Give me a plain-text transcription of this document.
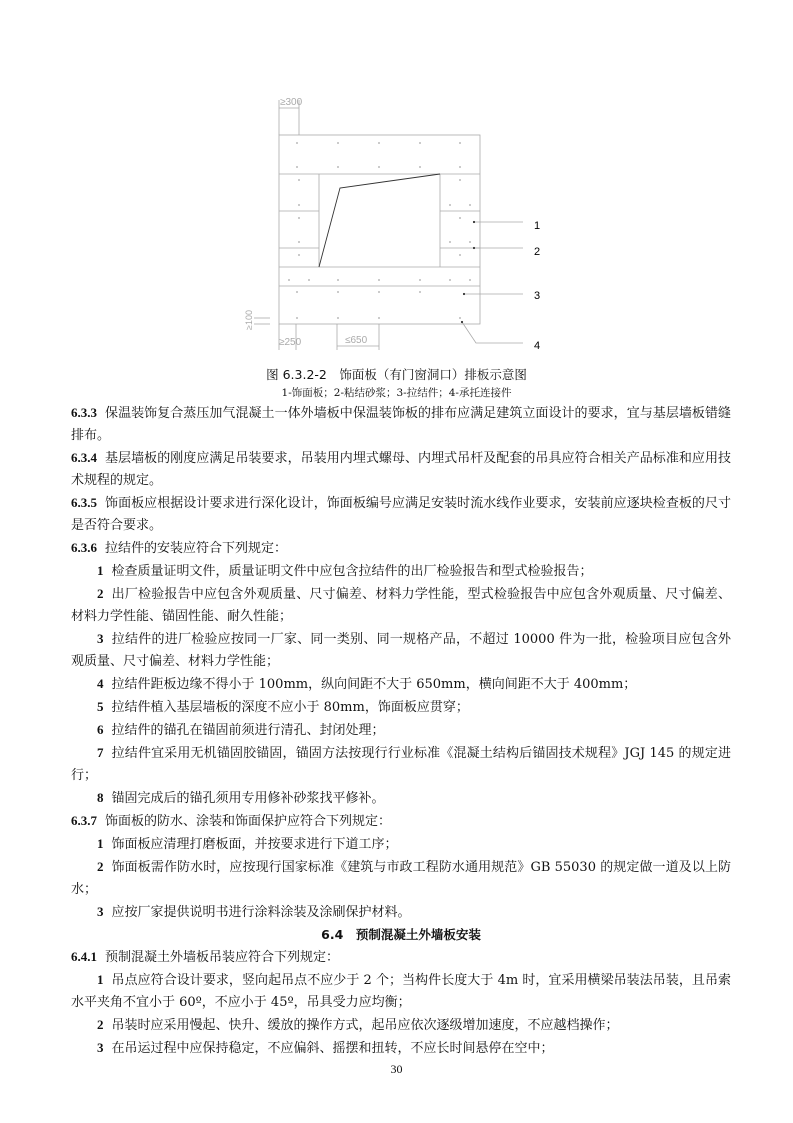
≥300
≥100
≥250	≤650
1
2
3
4
图 6.3.2-2　饰面板（有门窗洞口）排板示意图
1-饰面板；2-粘结砂浆；3-拉结件；4-承托连接件

6.3.3 保温装饰复合蒸压加气混凝土一体外墙板中保温装饰板的排布应满足建筑立面设计的要求，宜与基层墙板错缝排布。

6.3.4 基层墙板的刚度应满足吊装要求，吊装用内埋式螺母、内埋式吊杆及配套的吊具应符合相关产品标准和应用技术规程的规定。

6.3.5 饰面板应根据设计要求进行深化设计，饰面板编号应满足安装时流水线作业要求，安装前应逐块检查板的尺寸是否符合要求。

6.3.6 拉结件的安装应符合下列规定：

1 检查质量证明文件，质量证明文件中应包含拉结件的出厂检验报告和型式检验报告；

2 出厂检验报告中应包含外观质量、尺寸偏差、材料力学性能，型式检验报告中应包含外观质量、尺寸偏差、材料力学性能、锚固性能、耐久性能；

3 拉结件的进厂检验应按同一厂家、同一类别、同一规格产品，不超过 10000 件为一批，检验项目应包含外观质量、尺寸偏差、材料力学性能；

4 拉结件距板边缘不得小于 100mm，纵向间距不大于 650mm，横向间距不大于 400mm；

5 拉结件植入基层墙板的深度不应小于 80mm，饰面板应贯穿；

6 拉结件的锚孔在锚固前须进行清孔、封闭处理；

7 拉结件宜采用无机锚固胶锚固，锚固方法按现行行业标准《混凝土结构后锚固技术规程》JGJ 145 的规定进行；

8 锚固完成后的锚孔须用专用修补砂浆找平修补。

6.3.7 饰面板的防水、涂装和饰面保护应符合下列规定：

1 饰面板应清理打磨板面，并按要求进行下道工序；

2 饰面板需作防水时，应按现行国家标准《建筑与市政工程防水通用规范》GB 55030 的规定做一道及以上防水；

3 应按厂家提供说明书进行涂料涂装及涂刷保护材料。

6.4　预制混凝土外墙板安装

6.4.1 预制混凝土外墙板吊装应符合下列规定：

1 吊点应符合设计要求，竖向起吊点不应少于 2 个；当构件长度大于 4m 时，宜采用横梁吊装法吊装，且吊索水平夹角不宜小于 60º，不应小于 45º，吊具受力应均衡；

2 吊装时应采用慢起、快升、缓放的操作方式，起吊应依次逐级增加速度，不应越档操作；

3 在吊运过程中应保持稳定，不应偏斜、摇摆和扭转，不应长时间悬停在空中；

30
